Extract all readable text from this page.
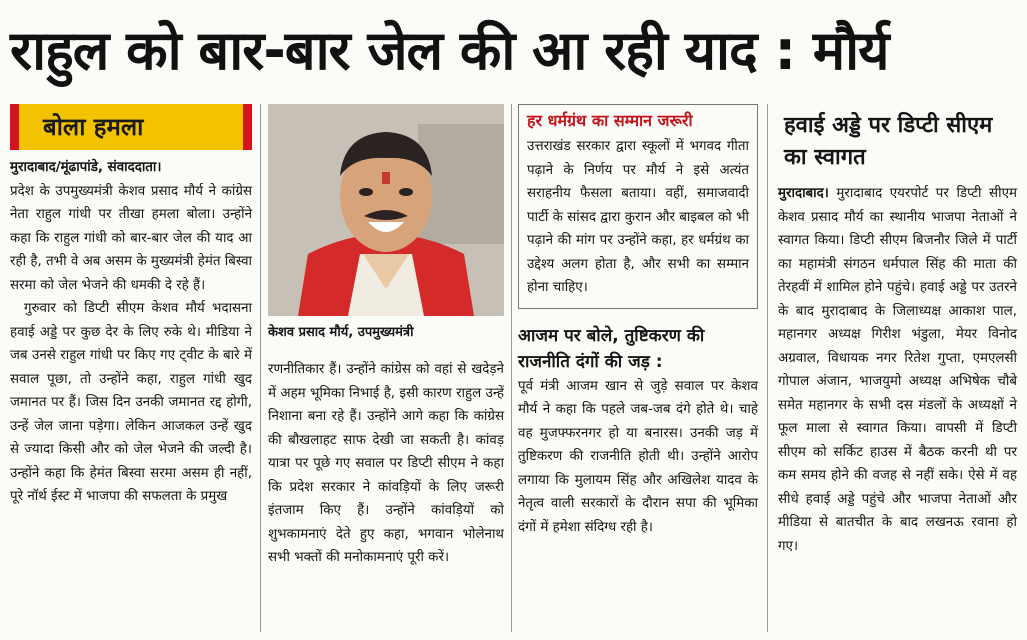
राहुल को बार-बार जेल की आ रही याद : मौर्य
बोला हमला

मुरादाबाद/मूंढापांडे, संवाददाता।

प्रदेश के उपमुख्यमंत्री केशव प्रसाद मौर्य ने कांग्रेस नेता राहुल गांधी पर तीखा हमला बोला। उन्होंने कहा कि राहुल गांधी को बार-बार जेल की याद आ रही है, तभी वे अब असम के मुख्यमंत्री हेमंत बिस्वा सरमा को जेल भेजने की धमकी दे रहे हैं।

गुरुवार को डिप्टी सीएम केशव मौर्य भदासना हवाई अड्डे पर कुछ देर के लिए रुके थे। मीडिया ने जब उनसे राहुल गांधी पर किए गए ट्वीट के बारे में सवाल पूछा, तो उन्होंने कहा, राहुल गांधी खुद जमानत पर हैं। जिस दिन उनकी जमानत रद्द होगी, उन्हें जेल जाना पड़ेगा। लेकिन आजकल उन्हें खुद से ज्यादा किसी और को जेल भेजने की जल्दी है। उन्होंने कहा कि हेमंत बिस्वा सरमा असम ही नहीं, पूरे नॉर्थ ईस्ट में भाजपा की सफलता के प्रमुख

केशव प्रसाद मौर्य, उपमुख्यमंत्री

रणनीतिकार हैं। उन्होंने कांग्रेस को वहां से खदेड़ने में अहम भूमिका निभाई है, इसी कारण राहुल उन्हें निशाना बना रहे हैं। उन्होंने आगे कहा कि कांग्रेस की बौखलाहट साफ देखी जा सकती है। कांवड़ यात्रा पर पूछे गए सवाल पर डिप्टी सीएम ने कहा कि प्रदेश सरकार ने कांवड़ियों के लिए जरूरी इंतजाम किए हैं। उन्होंने कांवड़ियों को शुभकामनाएं देते हुए कहा, भगवान भोलेनाथ सभी भक्तों की मनोकामनाएं पूरी करें।

हर धर्मग्रंथ का सम्मान जरूरी

उत्तराखंड सरकार द्वारा स्कूलों में भगवद गीता पढ़ाने के निर्णय पर मौर्य ने इसे अत्यंत सराहनीय फैसला बताया। वहीं, समाजवादी पार्टी के सांसद द्वारा कुरान और बाइबल को भी पढ़ाने की मांग पर उन्होंने कहा, हर धर्मग्रंथ का उद्देश्य अलग होता है, और सभी का सम्मान होना चाहिए।

आजम पर बोले, तुष्टिकरण की राजनीति दंगों की जड़ :

पूर्व मंत्री आजम खान से जुड़े सवाल पर केशव मौर्य ने कहा कि पहले जब-जब दंगे होते थे। चाहे वह मुजफ्फरनगर हो या बनारस। उनकी जड़ में तुष्टिकरण की राजनीति होती थी। उन्होंने आरोप लगाया कि मुलायम सिंह और अखिलेश यादव के नेतृत्व वाली सरकारों के दौरान सपा की भूमिका दंगों में हमेशा संदिग्ध रही है।

हवाई अड्डे पर डिप्टी सीएम का स्वागत

मुरादाबाद। मुरादाबाद एयरपोर्ट पर डिप्टी सीएम केशव प्रसाद मौर्य का स्थानीय भाजपा नेताओं ने स्वागत किया। डिप्टी सीएम बिजनौर जिले में पार्टी का महामंत्री संगठन धर्मपाल सिंह की माता की तेरहवीं में शामिल होने पहुंचे। हवाई अड्डे पर उतरने के बाद मुरादाबाद के जिलाध्यक्ष आकाश पाल, महानगर अध्यक्ष गिरीश भंडुला, मेयर विनोद अग्रवाल, विधायक नगर रितेश गुप्ता, एमएलसी गोपाल अंजान, भाजयुमो अध्यक्ष अभिषेक चौबे समेत महानगर के सभी दस मंडलों के अध्यक्षों ने फूल माला से स्वागत किया। वापसी में डिप्टी सीएम को सर्किट हाउस में बैठक करनी थी पर कम समय होने की वजह से नहीं सके। ऐसे में वह सीधे हवाई अड्डे पहुंचे और भाजपा नेताओं और मीडिया से बातचीत के बाद लखनऊ रवाना हो गए।
